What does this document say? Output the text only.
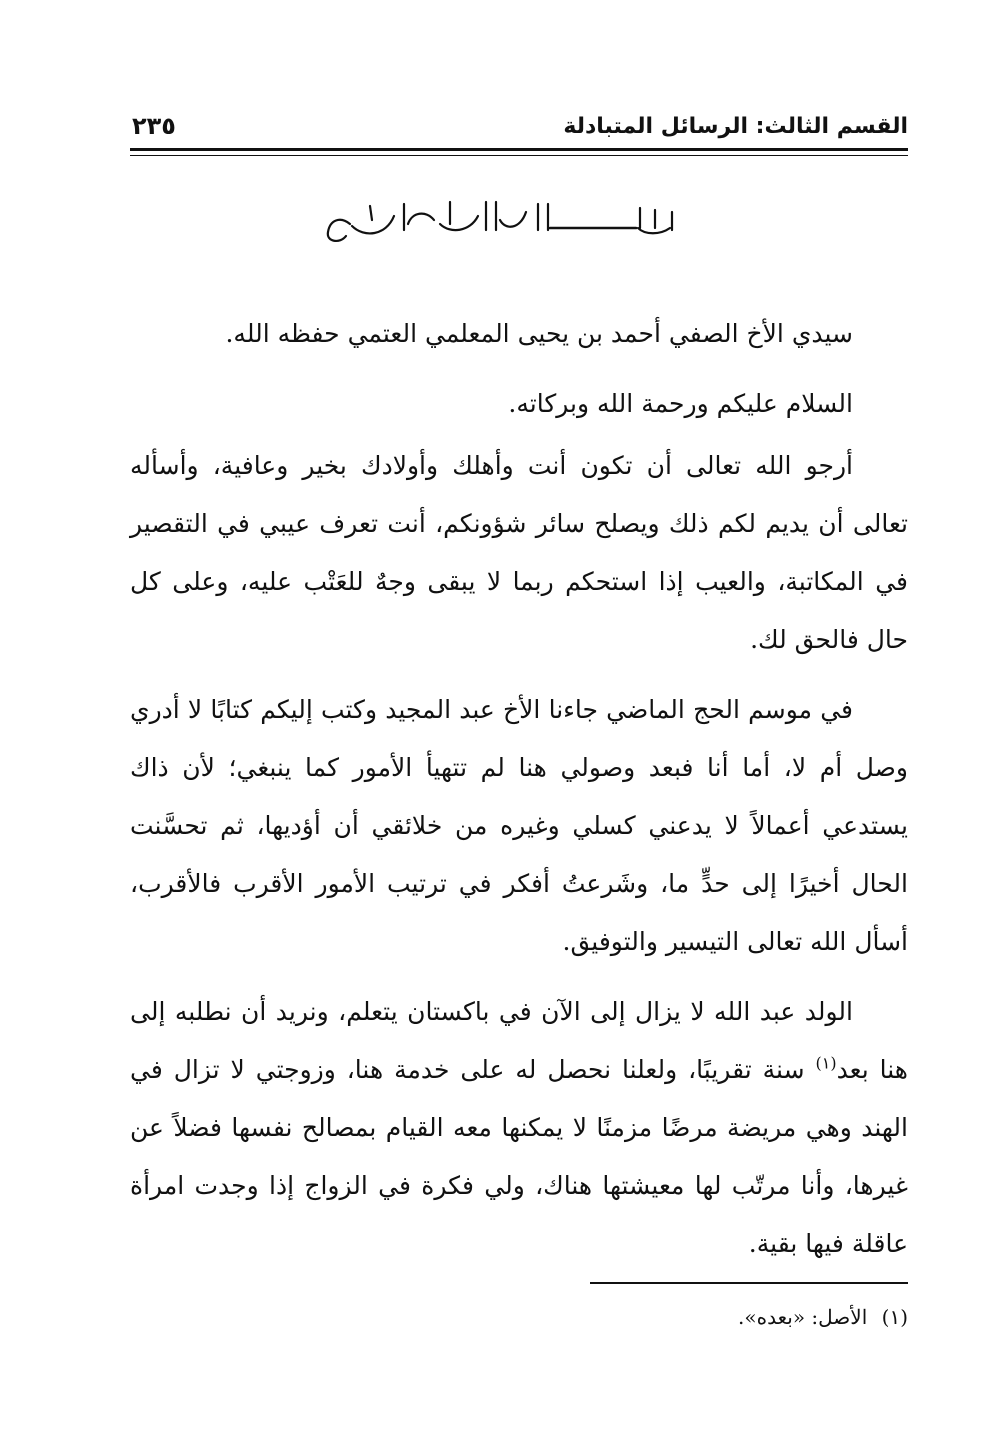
القسم الثالث: الرسائل المتبادلة
٢٣٥
بسم الله الرحمن الرحيم

سيدي الأخ الصفي أحمد بن يحيى المعلمي العتمي حفظه الله.

السلام عليكم ورحمة الله وبركاته.

أرجو الله تعالى أن تكون أنت وأهلك وأولادك بخير وعافية، وأسأله تعالى أن يديم لكم ذلك ويصلح سائر شؤونكم، أنت تعرف عيبي في التقصير في المكاتبة، والعيب إذا استحكم ربما لا يبقى وجهٌ للعَتْب عليه، وعلى كل حال فالحق لك.

في موسم الحج الماضي جاءنا الأخ عبد المجيد وكتب إليكم كتابًا لا أدري وصل أم لا، أما أنا فبعد وصولي هنا لم تتهيأ الأمور كما ينبغي؛ لأن ذاك يستدعي أعمالاً لا يدعني كسلي وغيره من خلائقي أن أؤديها، ثم تحسَّنت الحال أخيرًا إلى حدٍّ ما، وشَرعتُ أفكر في ترتيب الأمور الأقرب فالأقرب، أسأل الله تعالى التيسير والتوفيق.

الولد عبد الله لا يزال إلى الآن في باكستان يتعلم، ونريد أن نطلبه إلى هنا بعد$^{(١)}$ سنة تقريبًا، ولعلنا نحصل له على خدمة هنا، وزوجتي لا تزال في الهند وهي مريضة مرضًا مزمنًا لا يمكنها معه القيام بمصالح نفسها فضلاً عن غيرها، وأنا مرتّب لها معيشتها هناك، ولي فكرة في الزواج إذا وجدت امرأة عاقلة فيها بقية.

(١) الأصل: «بعده».
